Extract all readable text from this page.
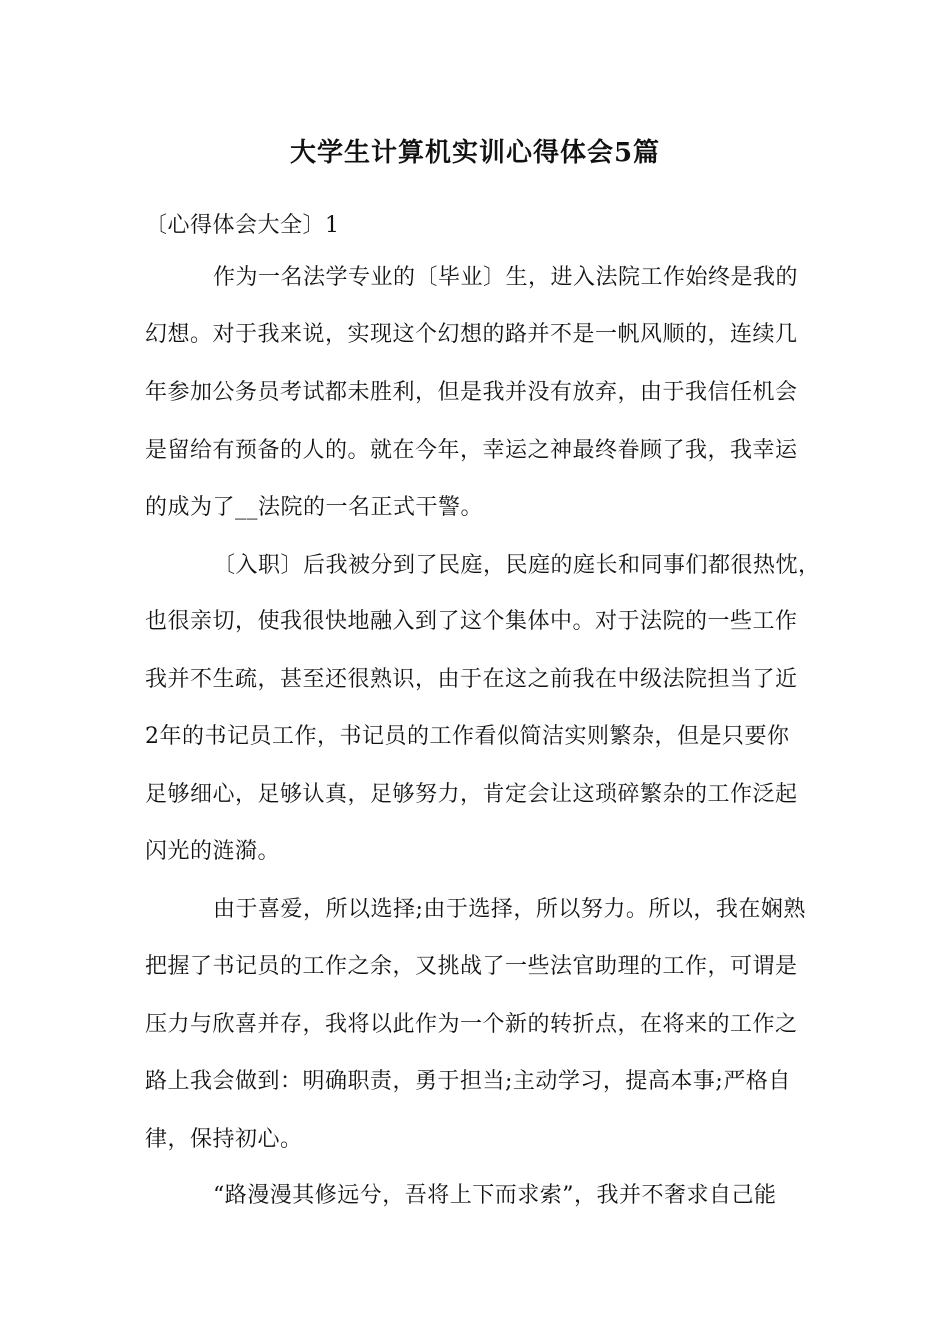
大学生计算机实训心得体会5篇
〔心得体会大全〕1
作为一名法学专业的〔毕业〕生，进入法院工作始终是我的
幻想。对于我来说，实现这个幻想的路并不是一帆风顺的，连续几
年参加公务员考试都未胜利，但是我并没有放弃，由于我信任机会
是留给有预备的人的。就在今年，幸运之神最终眷顾了我，我幸运
的成为了__法院的一名正式干警。
〔入职〕后我被分到了民庭，民庭的庭长和同事们都很热忱，
也很亲切，使我很快地融入到了这个集体中。对于法院的一些工作
我并不生疏，甚至还很熟识，由于在这之前我在中级法院担当了近
2年的书记员工作，书记员的工作看似简洁实则繁杂，但是只要你
足够细心，足够认真，足够努力，肯定会让这琐碎繁杂的工作泛起
闪光的涟漪。
由于喜爱，所以选择;由于选择，所以努力。所以，我在娴熟
把握了书记员的工作之余，又挑战了一些法官助理的工作，可谓是
压力与欣喜并存，我将以此作为一个新的转折点，在将来的工作之
路上我会做到：明确职责，勇于担当;主动学习，提高本事;严格自
律，保持初心。
“路漫漫其修远兮，吾将上下而求索”，我并不奢求自己能
